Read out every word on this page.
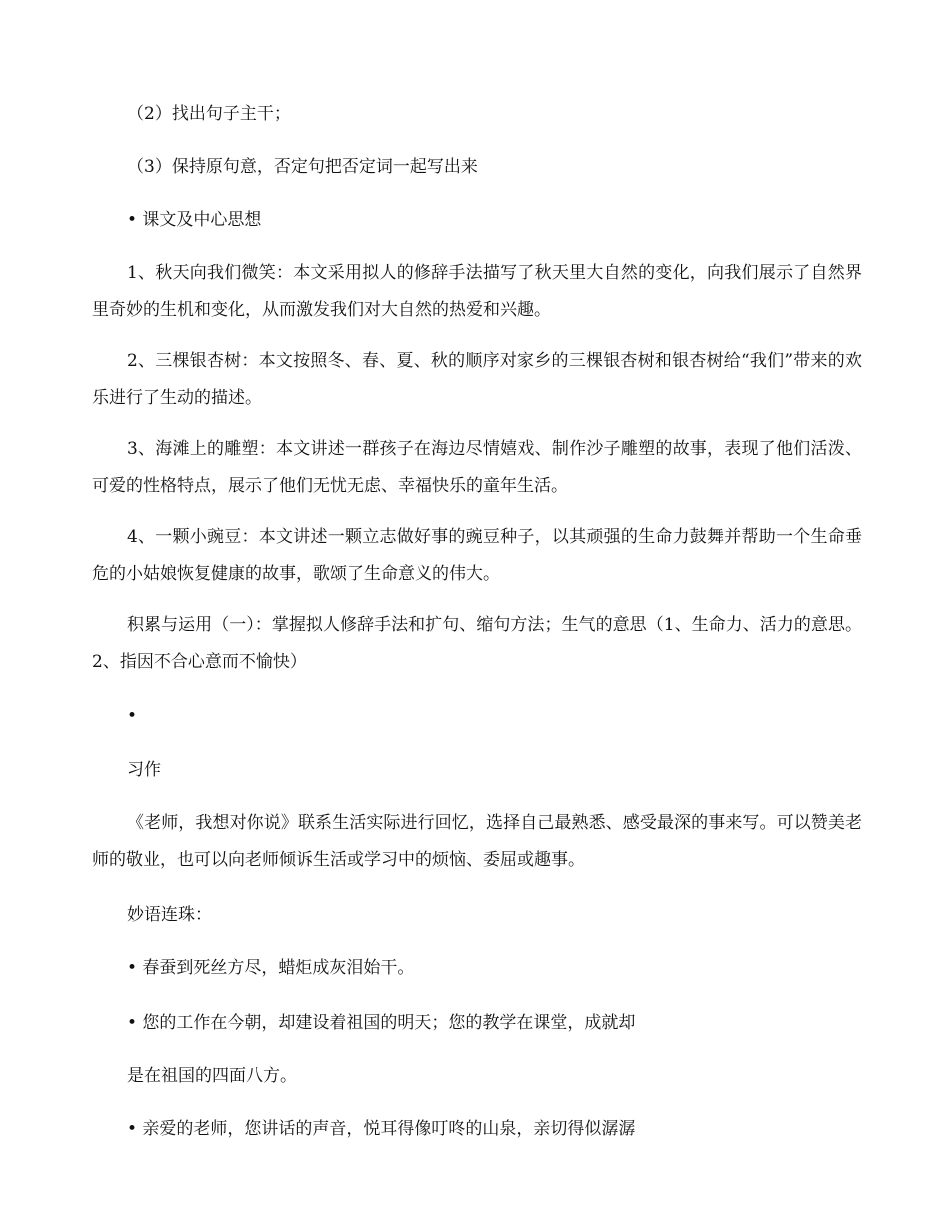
（2）找出句子主干；
（3）保持原句意，否定句把否定词一起写出来
• 课文及中心思想
1、秋天向我们微笑：本文采用拟人的修辞手法描写了秋天里大自然的变化，向我们展示了自然界里奇妙的生机和变化，从而激发我们对大自然的热爱和兴趣。
2、三棵银杏树：本文按照冬、春、夏、秋的顺序对家乡的三棵银杏树和银杏树给“我们”带来的欢乐进行了生动的描述。
3、海滩上的雕塑：本文讲述一群孩子在海边尽情嬉戏、制作沙子雕塑的故事，表现了他们活泼、可爱的性格特点，展示了他们无忧无虑、幸福快乐的童年生活。
4、一颗小豌豆：本文讲述一颗立志做好事的豌豆种子，以其顽强的生命力鼓舞并帮助一个生命垂危的小姑娘恢复健康的故事，歌颂了生命意义的伟大。
积累与运用（一）：掌握拟人修辞手法和扩句、缩句方法；生气的意思（1、生命力、活力的意思。2、指因不合心意而不愉快）
•
习作
《老师，我想对你说》联系生活实际进行回忆，选择自己最熟悉、感受最深的事来写。可以赞美老师的敬业，也可以向老师倾诉生活或学习中的烦恼、委屈或趣事。
妙语连珠：
• 春蚕到死丝方尽，蜡炬成灰泪始干。
• 您的工作在今朝，却建设着祖国的明天；您的教学在课堂，成就却
是在祖国的四面八方。
• 亲爱的老师，您讲话的声音，悦耳得像叮咚的山泉，亲切得似潺潺
